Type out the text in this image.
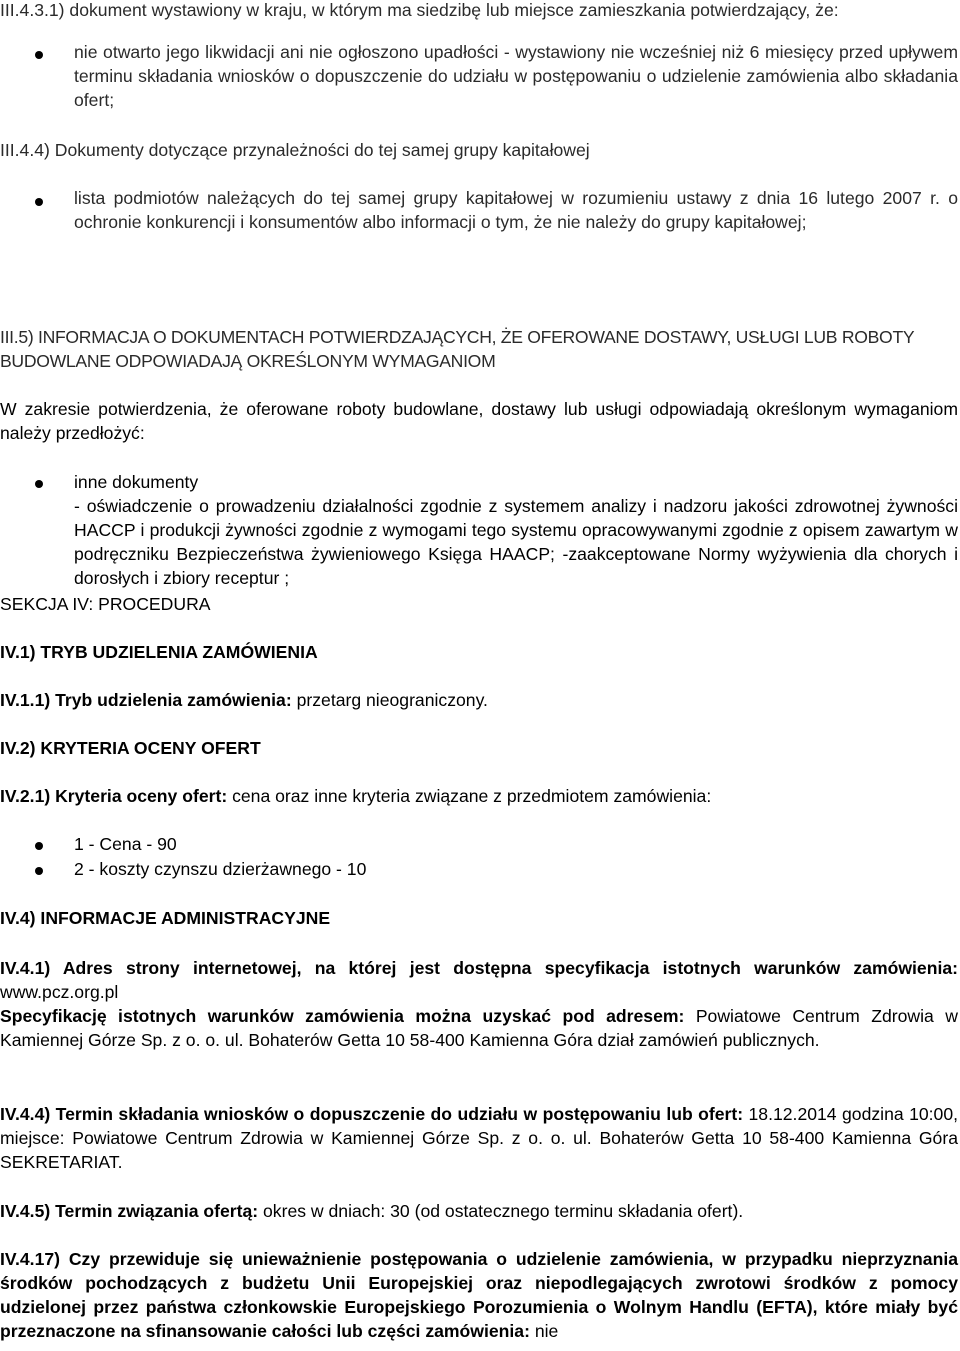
III.4.3.1) dokument wystawiony w kraju, w którym ma siedzibę lub miejsce zamieszkania potwierdzający, że:

nie otwarto jego likwidacji ani nie ogłoszono upadłości - wystawiony nie wcześniej niż 6 miesięcy przed upływem terminu składania wniosków o dopuszczenie do udziału w postępowaniu o udzielenie zamówienia albo składania ofert;

III.4.4) Dokumenty dotyczące przynależności do tej samej grupy kapitałowej

lista podmiotów należących do tej samej grupy kapitałowej w rozumieniu ustawy z dnia 16 lutego 2007 r. o ochronie konkurencji i konsumentów albo informacji o tym, że nie należy do grupy kapitałowej;

III.5) INFORMACJA O DOKUMENTACH POTWIERDZAJĄCYCH, ŻE OFEROWANE DOSTAWY, USŁUGI LUB ROBOTY BUDOWLANE ODPOWIADAJĄ OKREŚLONYM WYMAGANIOM

W zakresie potwierdzenia, że oferowane roboty budowlane, dostawy lub usługi odpowiadają określonym wymaganiom należy przedłożyć:

inne dokumenty

- oświadczenie o prowadzeniu działalności zgodnie z systemem analizy i nadzoru jakości zdrowotnej żywności HACCP i produkcji żywności zgodnie z wymogami tego systemu opracowywanymi zgodnie z opisem zawartym w podręczniku Bezpieczeństwa żywieniowego Księga HAACP; -zaakceptowane Normy wyżywienia dla chorych i dorosłych i zbiory receptur ;

SEKCJA IV: PROCEDURA

IV.1) TRYB UDZIELENIA ZAMÓWIENIA

IV.1.1) Tryb udzielenia zamówienia: przetarg nieograniczony.

IV.2) KRYTERIA OCENY OFERT

IV.2.1) Kryteria oceny ofert: cena oraz inne kryteria związane z przedmiotem zamówienia:

1 - Cena - 90

2 - koszty czynszu dzierżawnego - 10

IV.4) INFORMACJE ADMINISTRACYJNE

IV.4.1) Adres strony internetowej, na której jest dostępna specyfikacja istotnych warunków zamówienia: www.pcz.org.pl

Specyfikację istotnych warunków zamówienia można uzyskać pod adresem: Powiatowe Centrum Zdrowia w Kamiennej Górze Sp. z o. o. ul. Bohaterów Getta 10 58-400 Kamienna Góra dział zamówień publicznych.

IV.4.4) Termin składania wniosków o dopuszczenie do udziału w postępowaniu lub ofert: 18.12.2014 godzina 10:00, miejsce: Powiatowe Centrum Zdrowia w Kamiennej Górze Sp. z o. o. ul. Bohaterów Getta 10 58-400 Kamienna Góra SEKRETARIAT.

IV.4.5) Termin związania ofertą: okres w dniach: 30 (od ostatecznego terminu składania ofert).

IV.4.17) Czy przewiduje się unieważnienie postępowania o udzielenie zamówienia, w przypadku nieprzyznania środków pochodzących z budżetu Unii Europejskiej oraz niepodlegających zwrotowi środków z pomocy udzielonej przez państwa członkowskie Europejskiego Porozumienia o Wolnym Handlu (EFTA), które miały być przeznaczone na sfinansowanie całości lub części zamówienia: nie
